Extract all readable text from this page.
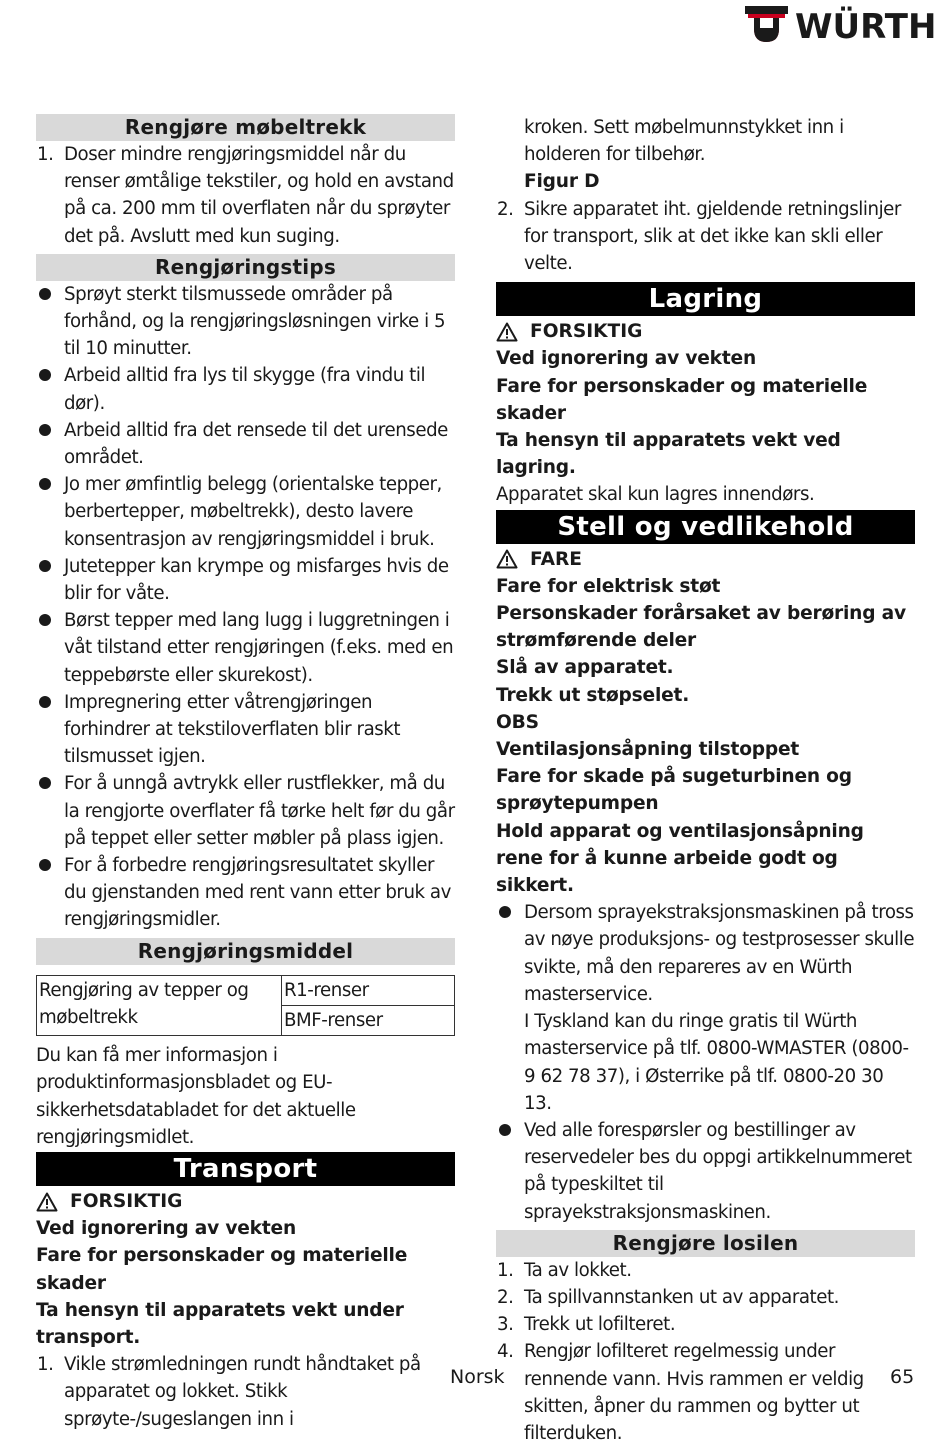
WÜRTH
Rengjøre møbeltrekk
1. Doser mindre rengjøringsmiddel når du renser ømtålige tekstiler, og hold en avstand på ca. 200 mm til overflaten når du sprøyter det på. Avslutt med kun suging.
Rengjøringstips
Sprøyt sterkt tilsmussede områder på forhånd, og la rengjøringsløsningen virke i 5 til 10 minutter.
Arbeid alltid fra lys til skygge (fra vindu til dør).
Arbeid alltid fra det rensede til det urensede området.
Jo mer ømfintlig belegg (orientalske tepper, berbertepper, møbeltrekk), desto lavere konsentrasjon av rengjøringsmiddel i bruk.
Jutetepper kan krympe og misfarges hvis de blir for våte.
Børst tepper med lang lugg i luggretningen i våt tilstand etter rengjøringen (f.eks. med en teppebørste eller skurekost).
Impregnering etter våtrengjøringen forhindrer at tekstiloverflaten blir raskt tilsmusset igjen.
For å unngå avtrykk eller rustflekker, må du la rengjorte overflater få tørke helt før du går på teppet eller setter møbler på plass igjen.
For å forbedre rengjøringsresultatet skyller du gjenstanden med rent vann etter bruk av rengjøringsmidler.
Rengjøringsmiddel
Rengjøring av tepper og møbeltrekk	R1-renser
BMF-renser

Du kan få mer informasjon i produktinformasjonsbladet og EU-sikkerhetsdatabladet for det aktuelle rengjøringsmidlet.

Transport

FORSIKTIG

Ved ignorering av vekten

Fare for personskader og materielle skader

Ta hensyn til apparatets vekt under transport.

1. Vikle strømledningen rundt håndtaket på apparatet og lokket. Stikk sprøyte-/sugeslangen inn i

kroken. Sett møbelmunnstykket inn i holderen for tilbehør.

Figur D

2. Sikre apparatet iht. gjeldende retningslinjer for transport, slik at det ikke kan skli eller velte.
Lagring

FORSIKTIG

Ved ignorering av vekten

Fare for personskader og materielle skader

Ta hensyn til apparatets vekt ved lagring.

Apparatet skal kun lagres innendørs.

Stell og vedlikehold

FARE

Fare for elektrisk støt

Personskader forårsaket av berøring av strømførende deler

Slå av apparatet.

Trekk ut støpselet.

OBS

Ventilasjonsåpning tilstoppet

Fare for skade på sugeturbinen og sprøytepumpen

Hold apparat og ventilasjonsåpning rene for å kunne arbeide godt og sikkert.

Dersom sprayekstraksjonsmaskinen på tross av nøye produksjons- og testprosesser skulle svikte, må den repareres av en Würth masterservice.
I Tyskland kan du ringe gratis til Würth masterservice på tlf. 0800-WMASTER (0800-9 62 78 37), i Østerrike på tlf. 0800-20 30 13.
Ved alle forespørsler og bestillinger av reservedeler bes du oppgi artikkelnummeret på typeskiltet til sprayekstraksjonsmaskinen.
Rengjøre losilen
1. Ta av lokket.
2. Ta spillvannstanken ut av apparatet.
3. Trekk ut lofilteret.
4. Rengjør lofilteret regelmessig under rennende vann. Hvis rammen er veldig skitten, åpner du rammen og bytter ut filterduken.
Norsk	65
